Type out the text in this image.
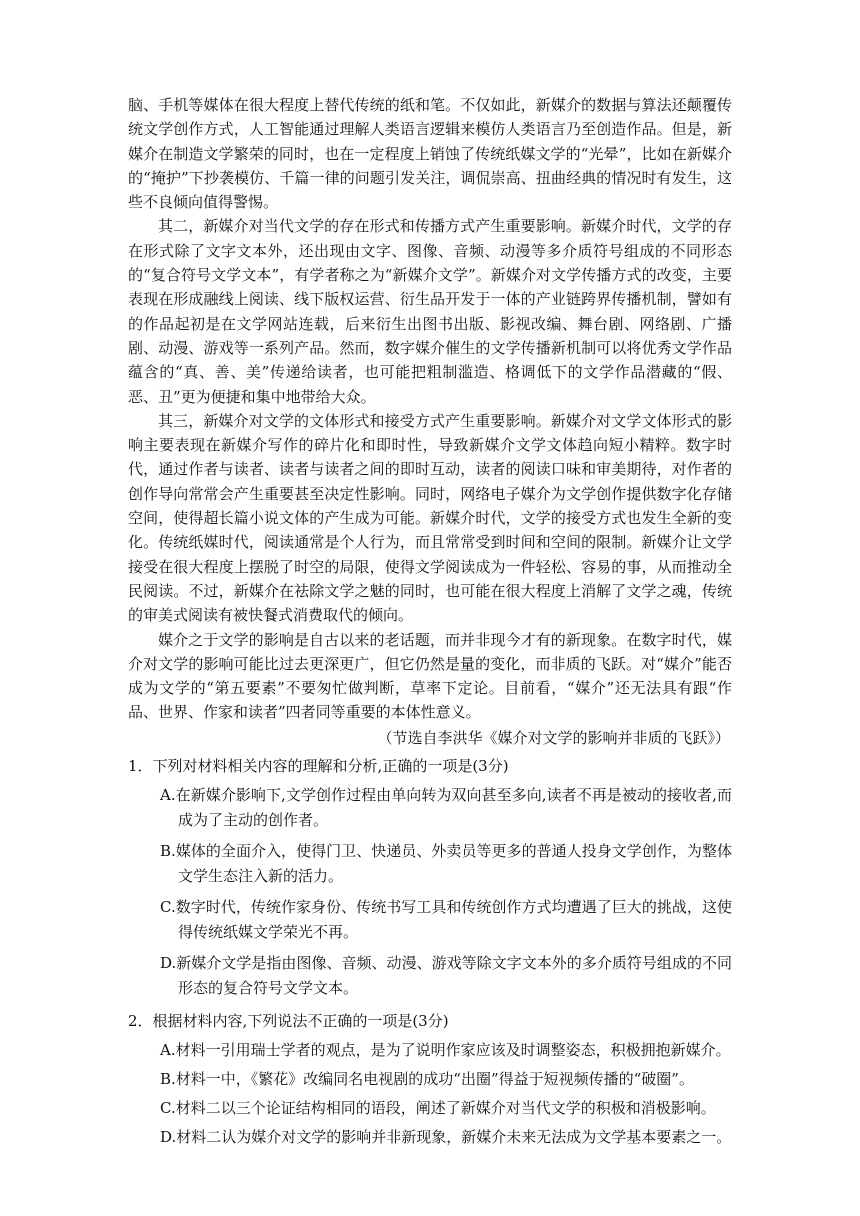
脑、手机等媒体在很大程度上替代传统的纸和笔。不仅如此，新媒介的数据与算法还颠覆传统文学创作方式，人工智能通过理解人类语言逻辑来模仿人类语言乃至创造作品。但是，新媒介在制造文学繁荣的同时，也在一定程度上销蚀了传统纸媒文学的“光晕”，比如在新媒介的“掩护”下抄袭模仿、千篇一律的问题引发关注，调侃崇高、扭曲经典的情况时有发生，这些不良倾向值得警惕。

其二，新媒介对当代文学的存在形式和传播方式产生重要影响。新媒介时代，文学的存在形式除了文字文本外，还出现由文字、图像、音频、动漫等多介质符号组成的不同形态的“复合符号文学文本”，有学者称之为“新媒介文学”。新媒介对文学传播方式的改变，主要表现在形成融线上阅读、线下版权运营、衍生品开发于一体的产业链跨界传播机制，譬如有的作品起初是在文学网站连载，后来衍生出图书出版、影视改编、舞台剧、网络剧、广播剧、动漫、游戏等一系列产品。然而，数字媒介催生的文学传播新机制可以将优秀文学作品蕴含的“真、善、美”传递给读者，也可能把粗制滥造、格调低下的文学作品潜藏的“假、恶、丑”更为便捷和集中地带给大众。

其三，新媒介对文学的文体形式和接受方式产生重要影响。新媒介对文学文体形式的影响主要表现在新媒介写作的碎片化和即时性，导致新媒介文学文体趋向短小精粹。数字时代，通过作者与读者、读者与读者之间的即时互动，读者的阅读口味和审美期待，对作者的创作导向常常会产生重要甚至决定性影响。同时，网络电子媒介为文学创作提供数字化存储空间，使得超长篇小说文体的产生成为可能。新媒介时代，文学的接受方式也发生全新的变化。传统纸媒时代，阅读通常是个人行为，而且常常受到时间和空间的限制。新媒介让文学接受在很大程度上摆脱了时空的局限，使得文学阅读成为一件轻松、容易的事，从而推动全民阅读。不过，新媒介在祛除文学之魅的同时，也可能在很大程度上消解了文学之魂，传统的审美式阅读有被快餐式消费取代的倾向。

媒介之于文学的影响是自古以来的老话题，而并非现今才有的新现象。在数字时代，媒介对文学的影响可能比过去更深更广，但它仍然是量的变化，而非质的飞跃。对“媒介”能否成为文学的“第五要素”不要匆忙做判断，草率下定论。目前看，“媒介”还无法具有跟“作品、世界、作家和读者”四者同等重要的本体性意义。

（节选自李洪华《媒介对文学的影响并非质的飞跃》）

1．下列对材料相关内容的理解和分析,正确的一项是(3分)

A.在新媒介影响下,文学创作过程由单向转为双向甚至多向,读者不再是被动的接收者,而成为了主动的创作者。

B.媒体的全面介入，使得门卫、快递员、外卖员等更多的普通人投身文学创作，为整体文学生态注入新的活力。

C.数字时代，传统作家身份、传统书写工具和传统创作方式均遭遇了巨大的挑战，这使得传统纸媒文学荣光不再。

D.新媒介文学是指由图像、音频、动漫、游戏等除文字文本外的多介质符号组成的不同形态的复合符号文学文本。

2．根据材料内容,下列说法不正确的一项是(3分)

A.材料一引用瑞士学者的观点，是为了说明作家应该及时调整姿态，积极拥抱新媒介。

B.材料一中，《繁花》改编同名电视剧的成功“出圈”得益于短视频传播的“破圈”。

C.材料二以三个论证结构相同的语段，阐述了新媒介对当代文学的积极和消极影响。

D.材料二认为媒介对文学的影响并非新现象，新媒介未来无法成为文学基本要素之一。
